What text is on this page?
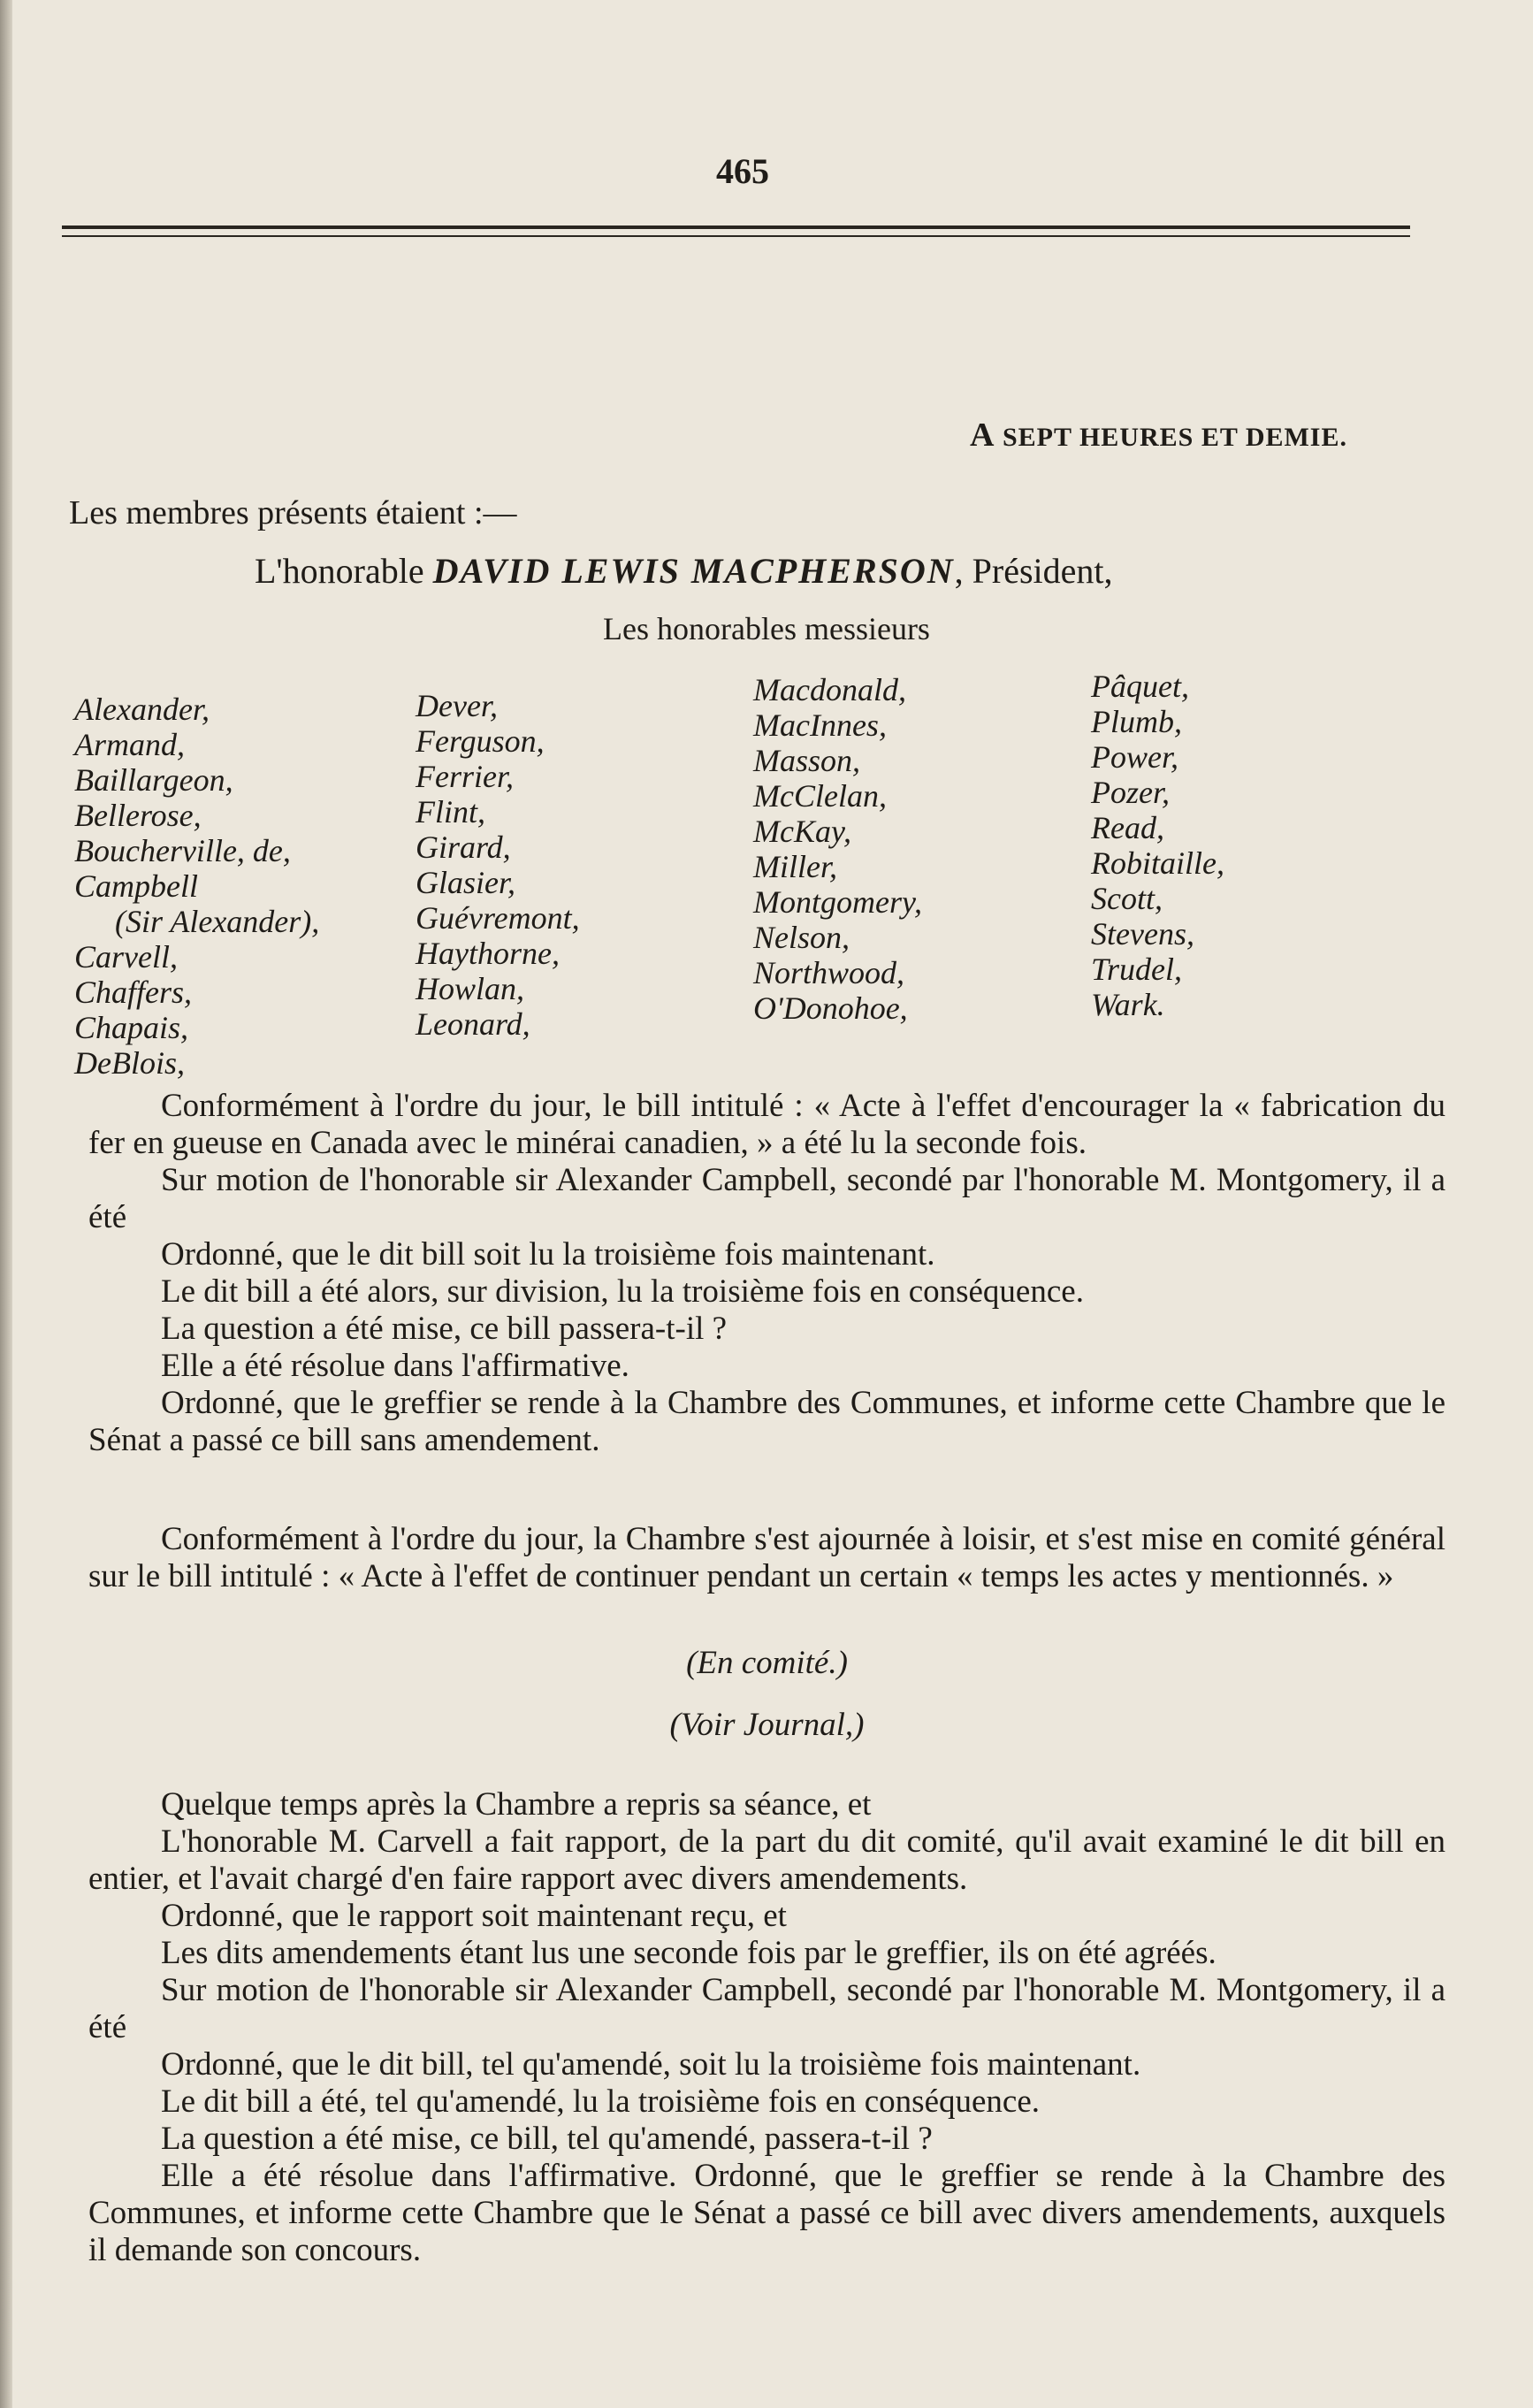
465
A SEPT HEURES ET DEMIE.
Les membres présents étaient :—
L'honorable DAVID LEWIS MACPHERSON, Président,
Les honorables messieurs
Alexander,
Armand,
Baillargeon,
Bellerose,
Boucherville, de,
Campbell
(Sir Alexander),
Carvell,
Chaffers,
Chapais,
DeBlois,
Dever,
Ferguson,
Ferrier,
Flint,
Girard,
Glasier,
Guévremont,
Haythorne,
Howlan,
Leonard,
Macdonald,
MacInnes,
Masson,
McClelan,
McKay,
Miller,
Montgomery,
Nelson,
Northwood,
O'Donohoe,
Pâquet,
Plumb,
Power,
Pozer,
Read,
Robitaille,
Scott,
Stevens,
Trudel,
Wark.

Conformément à l'ordre du jour, le bill intitulé : « Acte à l'effet d'encourager la « fabrication du fer en gueuse en Canada avec le minérai canadien, » a été lu la seconde fois.

Sur motion de l'honorable sir Alexander Campbell, secondé par l'honorable M. Montgomery, il a été

Ordonné, que le dit bill soit lu la troisième fois maintenant.

Le dit bill a été alors, sur division, lu la troisième fois en conséquence.

La question a été mise, ce bill passera-t-il ?

Elle a été résolue dans l'affirmative.

Ordonné, que le greffier se rende à la Chambre des Communes, et informe cette Chambre que le Sénat a passé ce bill sans amendement.

Conformément à l'ordre du jour, la Chambre s'est ajournée à loisir, et s'est mise en comité général sur le bill intitulé : « Acte à l'effet de continuer pendant un certain « temps les actes y mentionnés. »

(En comité.)

(Voir Journal,)

Quelque temps après la Chambre a repris sa séance, et

L'honorable M. Carvell a fait rapport, de la part du dit comité, qu'il avait examiné le dit bill en entier, et l'avait chargé d'en faire rapport avec divers amendements.

Ordonné, que le rapport soit maintenant reçu, et

Les dits amendements étant lus une seconde fois par le greffier, ils on été agréés.

Sur motion de l'honorable sir Alexander Campbell, secondé par l'honorable M. Montgomery, il a été

Ordonné, que le dit bill, tel qu'amendé, soit lu la troisième fois maintenant.

Le dit bill a été, tel qu'amendé, lu la troisième fois en conséquence.

La question a été mise, ce bill, tel qu'amendé, passera-t-il ?

Elle a été résolue dans l'affirmative. Ordonné, que le greffier se rende à la Chambre des Communes, et informe cette Chambre que le Sénat a passé ce bill avec divers amendements, auxquels il demande son concours.
